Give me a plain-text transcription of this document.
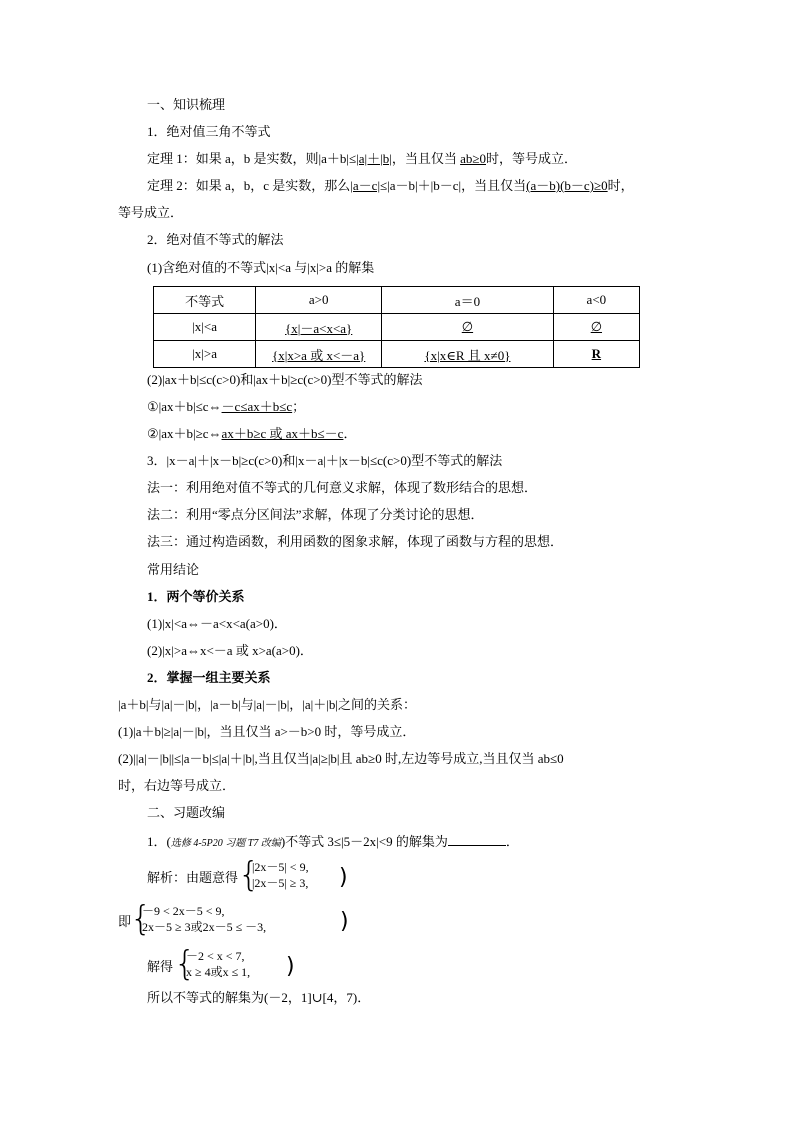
一、知识梳理
1．绝对值三角不等式
定理 1：如果 a，b 是实数，则|a＋b|≤|a|＋|b|，当且仅当 ab≥0时，等号成立．
定理 2：如果 a，b，c 是实数，那么|a－c|≤|a－b|＋|b－c|，当且仅当(a－b)(b－c)≥0时，
等号成立．
2．绝对值不等式的解法
(1)含绝对值的不等式|x|<a 与|x|>a 的解集
不等式	a>0	a＝0	a<0
|x|<a	{x|－a<x<a}	∅	∅
|x|>a	{x|x>a 或 x<－a}	{x|x∈R 且 x≠0}	R
(2)|ax＋b|≤c(c>0)和|ax＋b|≥c(c>0)型不等式的解法
①|ax＋b|≤c⇔－c≤ax＋b≤c；
②|ax＋b|≥c⇔ax＋b≥c 或 ax＋b≤－c．
3．|x－a|＋|x－b|≥c(c>0)和|x－a|＋|x－b|≤c(c>0)型不等式的解法
法一：利用绝对值不等式的几何意义求解，体现了数形结合的思想．
法二：利用“零点分区间法”求解，体现了分类讨论的思想．
法三：通过构造函数，利用函数的图象求解，体现了函数与方程的思想．
常用结论
1．两个等价关系
(1)|x|<a⇔－a<x<a(a>0)．
(2)|x|>a⇔x<－a 或 x>a(a>0)．
2．掌握一组主要关系
|a＋b|与|a|－|b|，|a－b|与|a|－|b|，|a|＋|b|之间的关系：
(1)|a＋b|≥|a|－|b|，当且仅当 a>－b>0 时，等号成立．
(2)||a|－|b||≤|a－b|≤|a|＋|b|,当且仅当|a|≥|b|且 ab≥0 时,左边等号成立,当且仅当 ab≤0
时，右边等号成立．
二、习题改编
1．(选修 4-5P20 习题 T7 改编)不等式 3≤|5－2x|<9 的解集为	．
解析：由题意得 {
|2x－5| < 9,
|2x－5| ≥ 3, )
即
{
－9 < 2x－5 < 9,
2x－5 ≥ 3或2x－5 ≤ －3,	)
解得 {
－2 < x < 7,
x ≥ 4或x ≤ 1, )
所以不等式的解集为(－2，1]∪[4，7)．
